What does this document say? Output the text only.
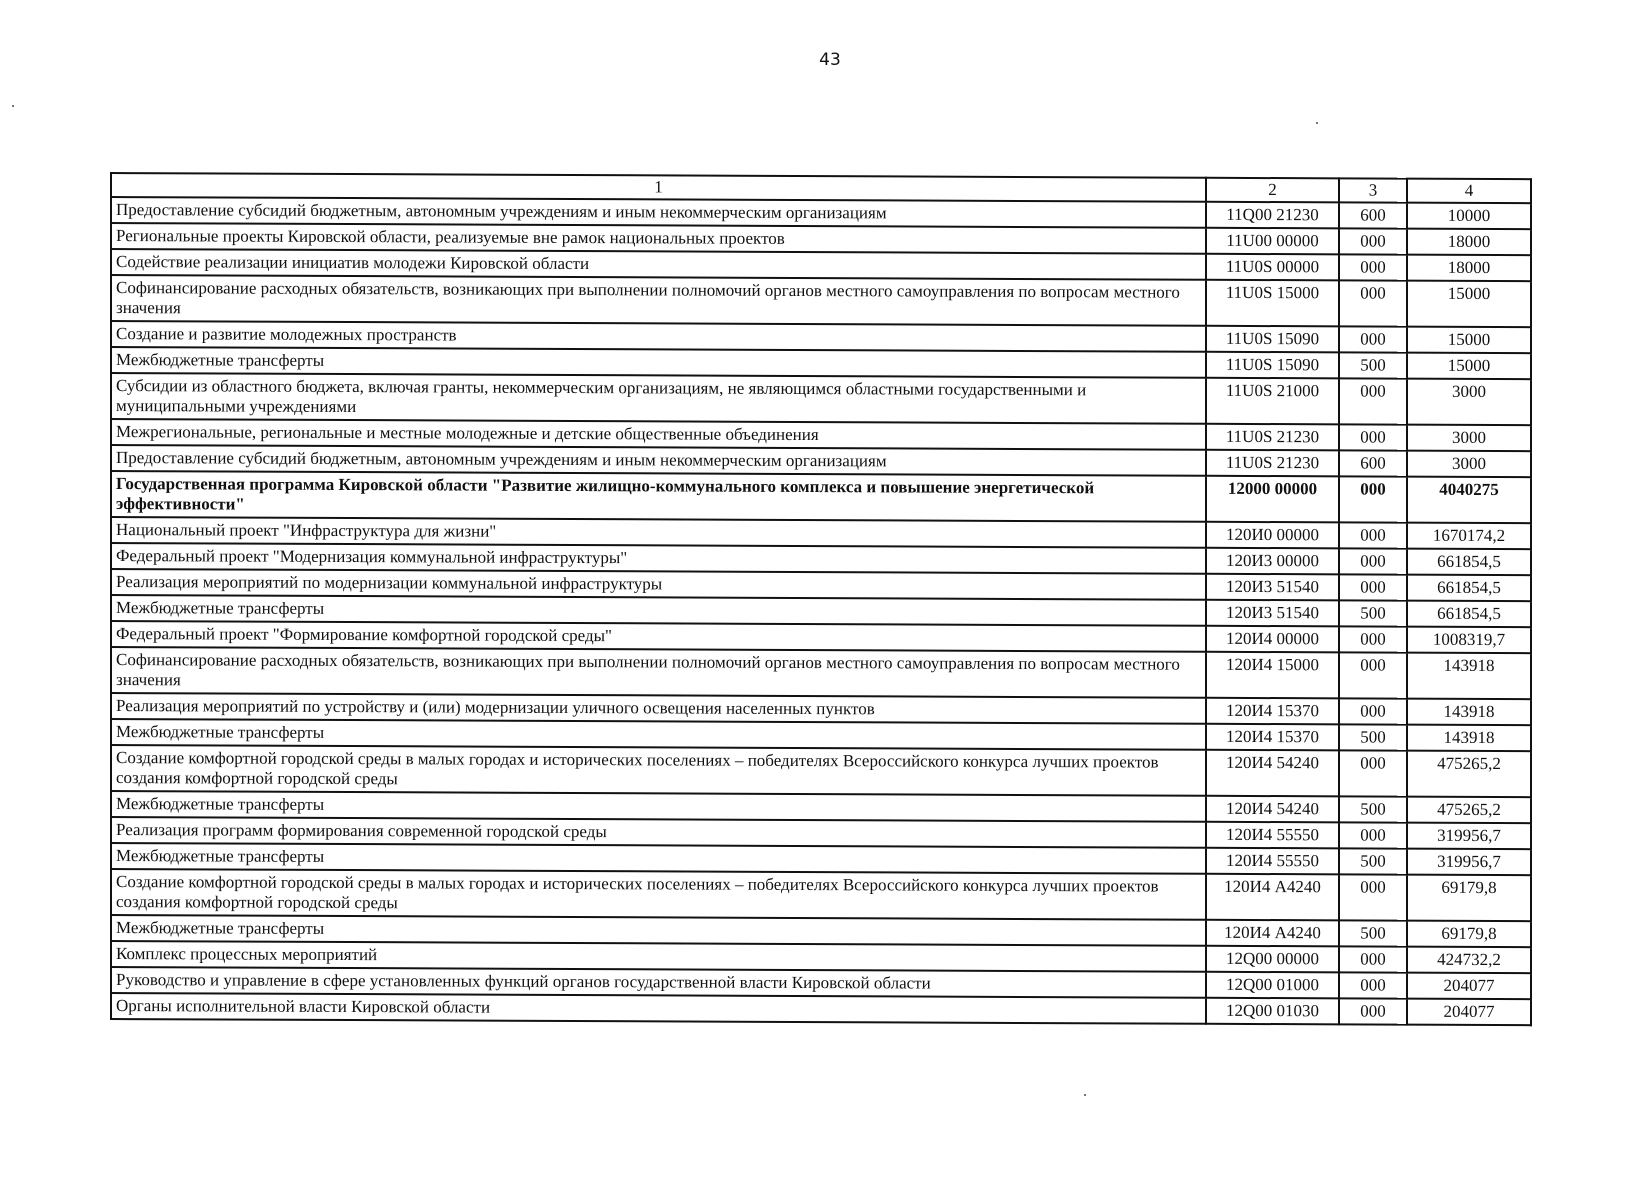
43
1	2	3	4
Предоставление субсидий бюджетным, автономным учреждениям и иным некоммерческим организациям	11Q00 21230	600	10000
Региональные проекты Кировской области, реализуемые вне рамок национальных проектов	11U00 00000	000	18000
Содействие реализации инициатив молодежи Кировской области	11U0S 00000	000	18000
Софинансирование расходных обязательств, возникающих при выполнении полномочий органов местного самоуправления по вопросам местного значения	11U0S 15000	000	15000
Создание и развитие молодежных пространств	11U0S 15090	000	15000
Межбюджетные трансферты	11U0S 15090	500	15000
Субсидии из областного бюджета, включая гранты, некоммерческим организациям, не являющимся областными государственными и муниципальными учреждениями	11U0S 21000	000	3000
Межрегиональные, региональные и местные молодежные и детские общественные объединения	11U0S 21230	000	3000
Предоставление субсидий бюджетным, автономным учреждениям и иным некоммерческим организациям	11U0S 21230	600	3000
Государственная программа Кировской области "Развитие жилищно-коммунального комплекса и повышение энергетической эффективности"	12000 00000	000	4040275
Национальный проект "Инфраструктура для жизни"	120И0 00000	000	1670174,2
Федеральный проект "Модернизация коммунальной инфраструктуры"	120И3 00000	000	661854,5
Реализация мероприятий по модернизации коммунальной инфраструктуры	120И3 51540	000	661854,5
Межбюджетные трансферты	120И3 51540	500	661854,5
Федеральный проект "Формирование комфортной городской среды"	120И4 00000	000	1008319,7
Софинансирование расходных обязательств, возникающих при выполнении полномочий органов местного самоуправления по вопросам местного значения	120И4 15000	000	143918
Реализация мероприятий по устройству и (или) модернизации уличного освещения населенных пунктов	120И4 15370	000	143918
Межбюджетные трансферты	120И4 15370	500	143918
Создание комфортной городской среды в малых городах и исторических поселениях – победителях Всероссийского конкурса лучших проектов создания комфортной городской среды	120И4 54240	000	475265,2
Межбюджетные трансферты	120И4 54240	500	475265,2
Реализация программ формирования современной городской среды	120И4 55550	000	319956,7
Межбюджетные трансферты	120И4 55550	500	319956,7
Создание комфортной городской среды в малых городах и исторических поселениях – победителях Всероссийского конкурса лучших проектов создания комфортной городской среды	120И4 A4240	000	69179,8
Межбюджетные трансферты	120И4 A4240	500	69179,8
Комплекс процессных мероприятий	12Q00 00000	000	424732,2
Руководство и управление в сфере установленных функций органов государственной власти Кировской области	12Q00 01000	000	204077
Органы исполнительной власти Кировской области	12Q00 01030	000	204077
